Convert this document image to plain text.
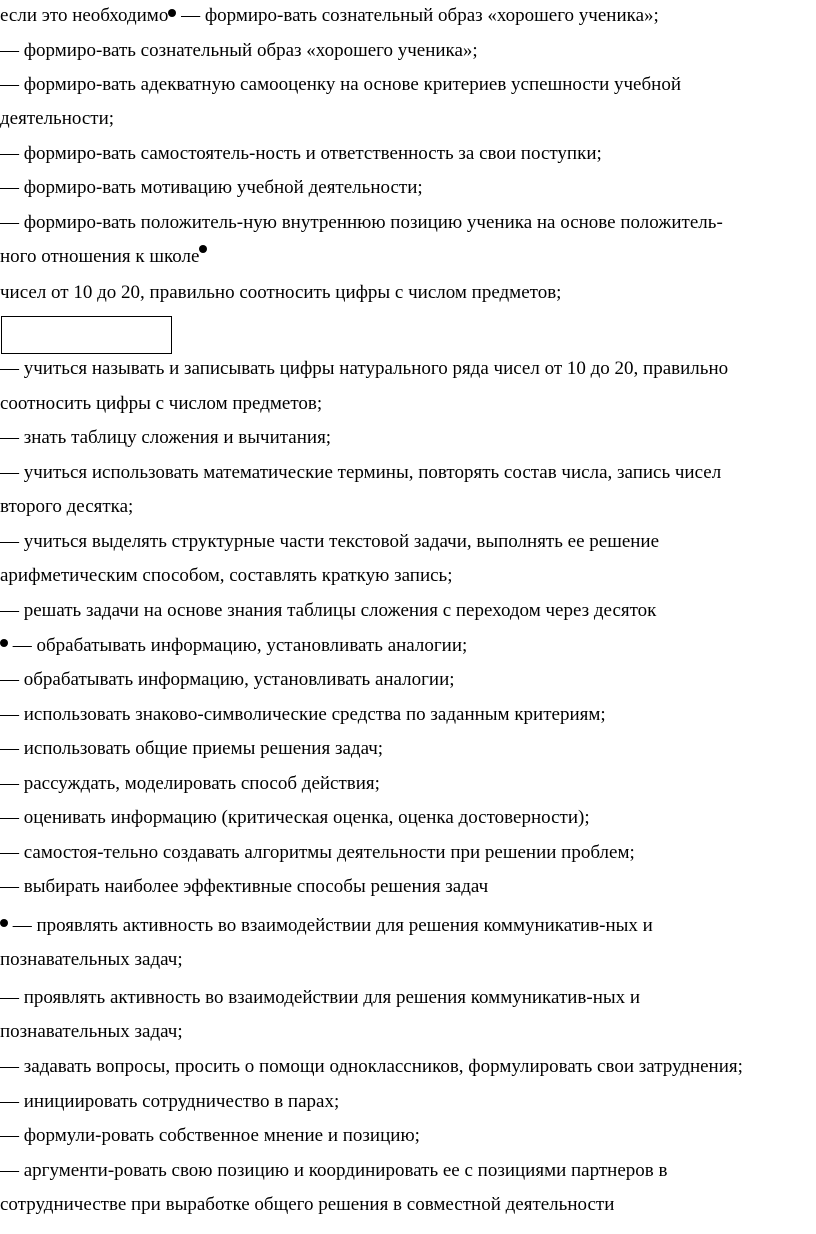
если это необходимо — формиро-вать сознательный образ «хорошего ученика»;
— формиро-вать сознательный образ «хорошего ученика»;
— формиро-вать адекватную самооценку на основе критериев успешности учебной
деятельности;
— формиро-вать самостоятель-ность и ответственность за свои поступки;
— формиро-вать мотивацию учебной деятельности;
— формиро-вать положитель-ную внутреннюю позицию ученика на основе положитель-
ного отношения к школе
чисел от 10 до 20, правильно соотносить цифры с числом предметов;
— учиться называть и записывать цифры натурального ряда чисел от 10 до 20, правильно
соотносить цифры с числом предметов;
— знать таблицу сложения и вычитания;
— учиться использовать математические термины, повторять состав числа, запись чисел
второго десятка;
— учиться выделять структурные части текстовой задачи, выполнять ее решение
арифметическим способом, составлять краткую запись;
— решать задачи на основе знания таблицы сложения с переходом через десяток
— обрабатывать информацию, установливать аналогии;
— обрабатывать информацию, установливать аналогии;
— использовать знаково-символические средства по заданным критериям;
— использовать общие приемы решения задач;
— рассуждать, моделировать способ действия;
— оценивать информацию (критическая оценка, оценка достоверности);
— самостоя-тельно создавать алгоритмы деятельности при решении проблем;
— выбирать наиболее эффективные способы решения задач
— проявлять активность во взаимодействии для решения коммуникатив-ных и
познавательных задач;
— проявлять активность во взаимодействии для решения коммуникатив-ных и
познавательных задач;
— задавать вопросы, просить о помощи одноклассников, формулировать свои затруднения;
— инициировать сотрудничество в парах;
— формули-ровать собственное мнение и позицию;
— аргументи-ровать свою позицию и координировать ее с позициями партнеров в
сотрудничестве при выработке общего решения в совместной деятельности
